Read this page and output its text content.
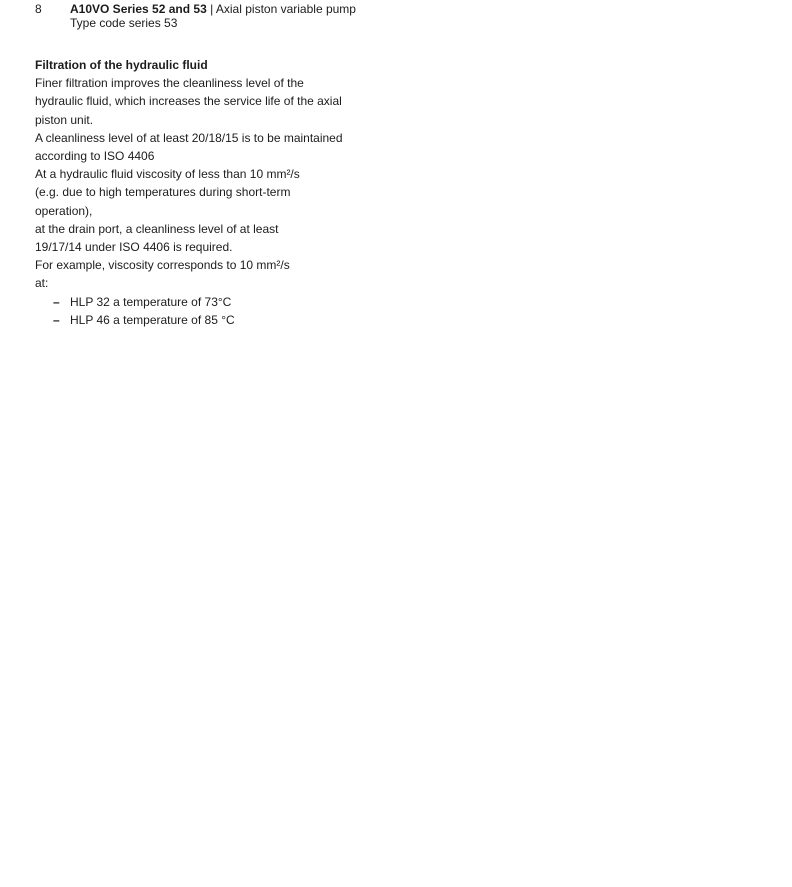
8	A10VO Series 52 and 53 | Axial piston variable pump
Type code series 53
Filtration of the hydraulic fluid
Finer filtration improves the cleanliness level of the
hydraulic fluid, which increases the service life of the axial
piston unit.
A cleanliness level of at least 20/18/15 is to be maintained
according to ISO 4406
At a hydraulic fluid viscosity of less than 10 mm²/s
(e.g. due to high temperatures during short-term
operation),
at the drain port, a cleanliness level of at least
19/17/14 under ISO 4406 is required.
For example, viscosity corresponds to 10 mm²/s
at:
– HLP 32 a temperature of 73°C
– HLP 46 a temperature of 85 °C
